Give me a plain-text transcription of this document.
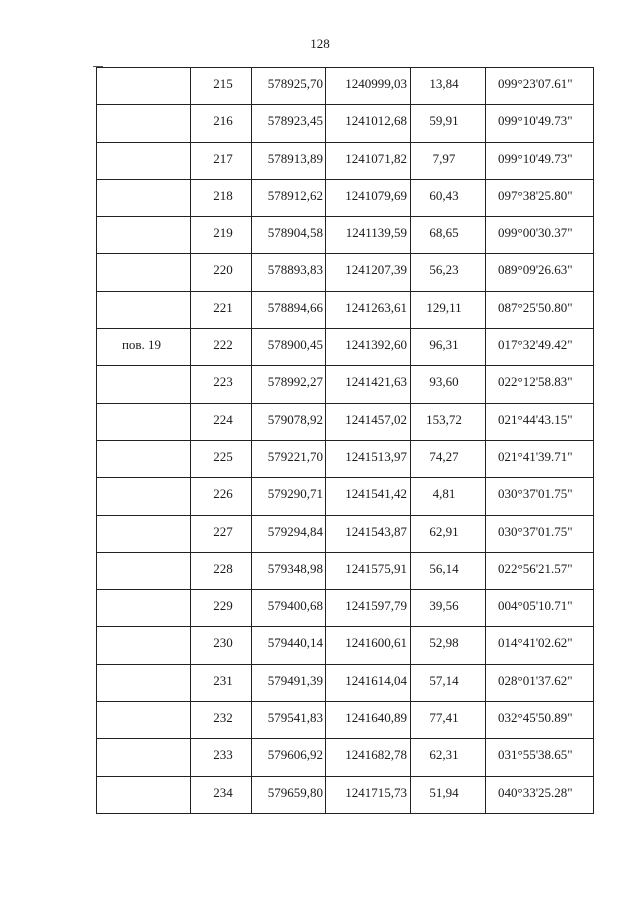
128

	215	578925,70	1240999,03	13,84	099°23'07.61"

	216	578923,45	1241012,68	59,91	099°10'49.73"

	217	578913,89	1241071,82	7,97	099°10'49.73"

	218	578912,62	1241079,69	60,43	097°38'25.80"

	219	578904,58	1241139,59	68,65	099°00'30.37"

	220	578893,83	1241207,39	56,23	089°09'26.63"

	221	578894,66	1241263,61	129,11	087°25'50.80"

пов. 19	222	578900,45	1241392,60	96,31	017°32'49.42"

	223	578992,27	1241421,63	93,60	022°12'58.83"

	224	579078,92	1241457,02	153,72	021°44'43.15"

	225	579221,70	1241513,97	74,27	021°41'39.71"

	226	579290,71	1241541,42	4,81	030°37'01.75"

	227	579294,84	1241543,87	62,91	030°37'01.75"

	228	579348,98	1241575,91	56,14	022°56'21.57"

	229	579400,68	1241597,79	39,56	004°05'10.71"

	230	579440,14	1241600,61	52,98	014°41'02.62"

	231	579491,39	1241614,04	57,14	028°01'37.62"

	232	579541,83	1241640,89	77,41	032°45'50.89"

	233	579606,92	1241682,78	62,31	031°55'38.65"

	234	579659,80	1241715,73	51,94	040°33'25.28"
